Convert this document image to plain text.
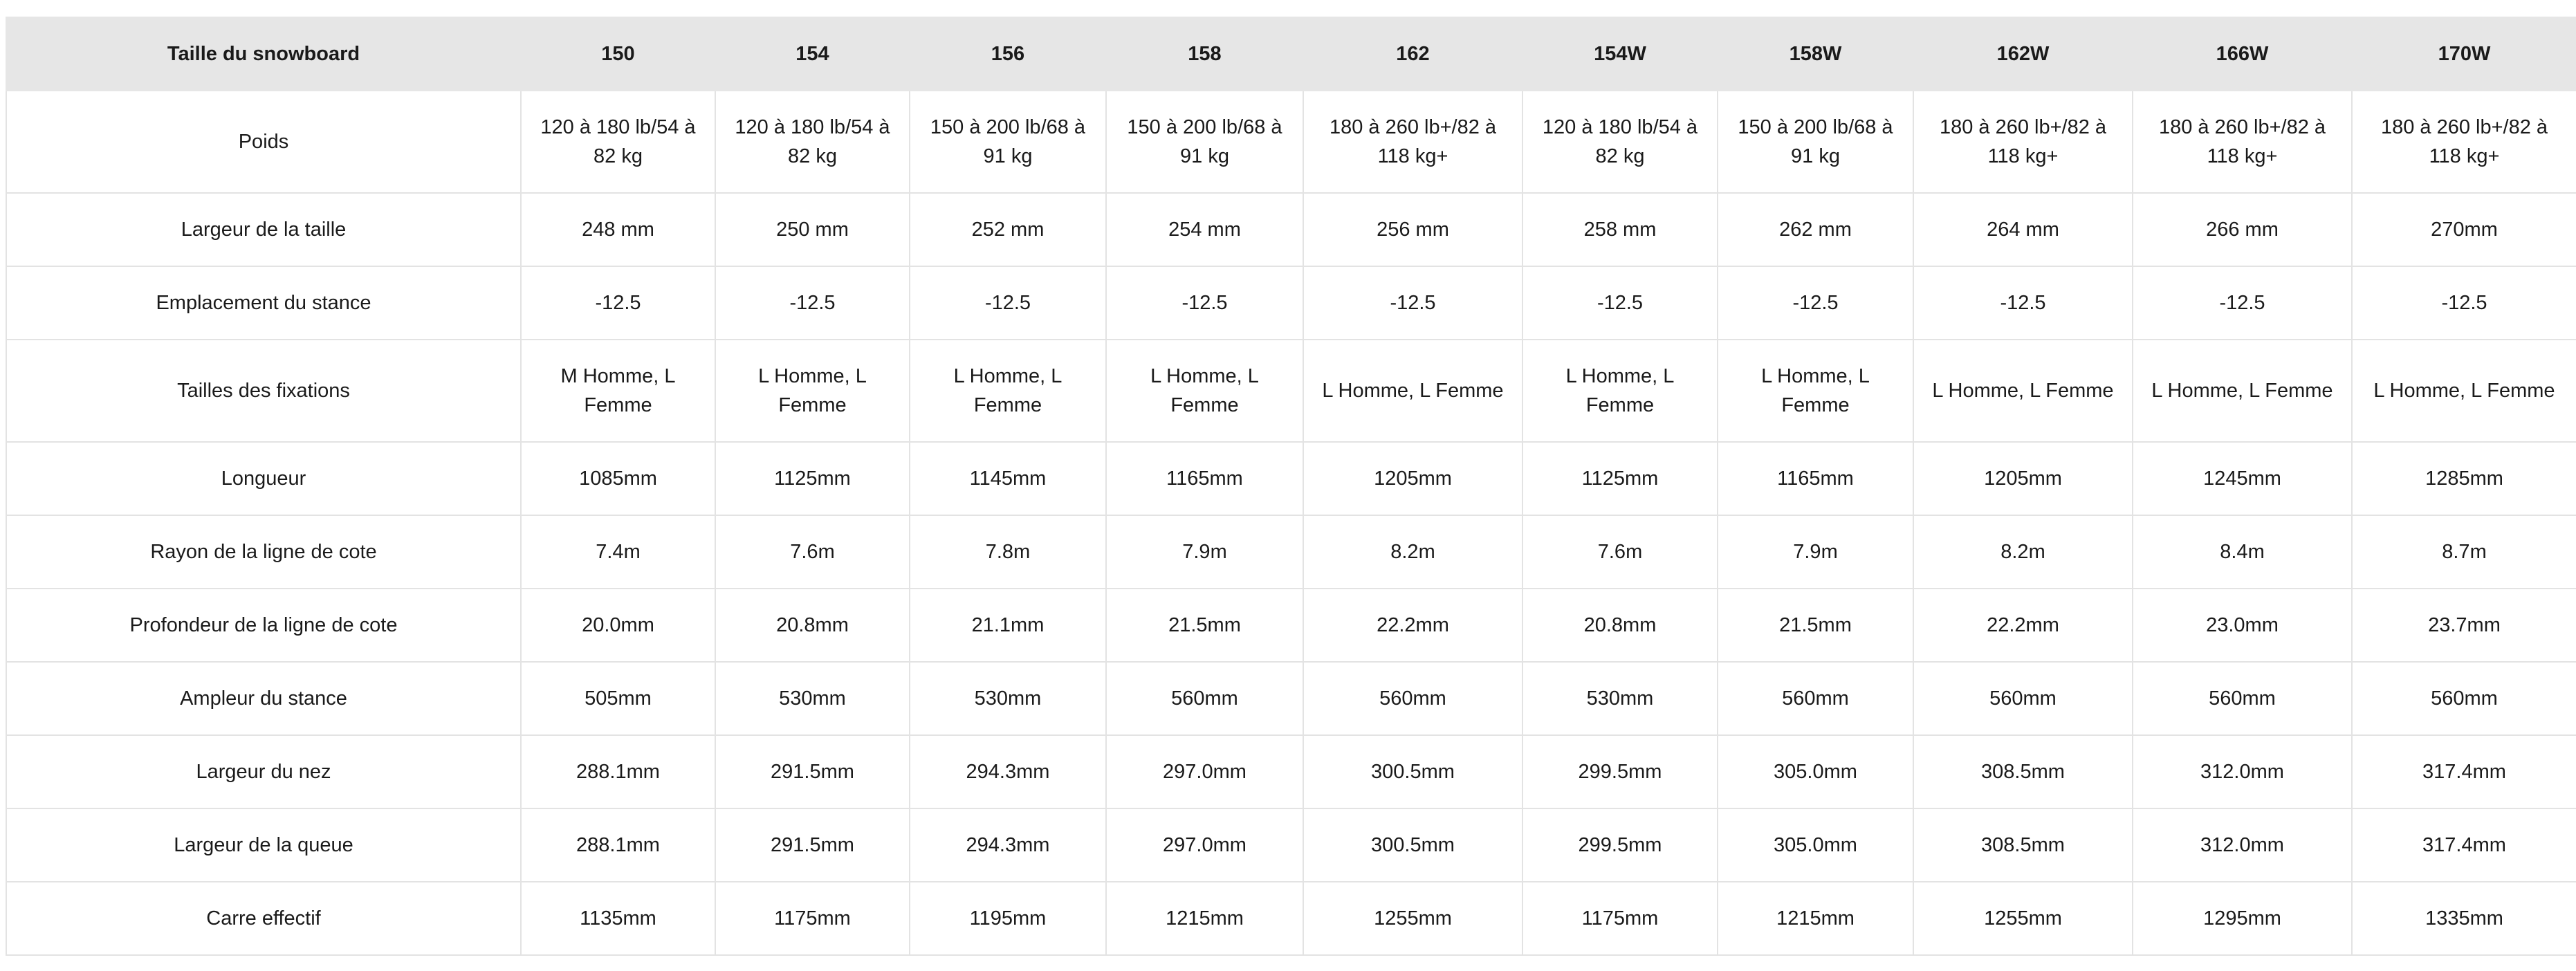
Taille du snowboard	150	154	156	158	162	154W	158W	162W	166W	170W
Poids	120 à 180 lb/54 à 82 kg	120 à 180 lb/54 à 82 kg	150 à 200 lb/68 à 91 kg	150 à 200 lb/68 à 91 kg	180 à 260 lb+/82 à 118 kg+	120 à 180 lb/54 à 82 kg	150 à 200 lb/68 à 91 kg	180 à 260 lb+/82 à 118 kg+	180 à 260 lb+/82 à 118 kg+	180 à 260 lb+/82 à 118 kg+
Largeur de la taille	248 mm	250 mm	252 mm	254 mm	256 mm	258 mm	262 mm	264 mm	266 mm	270mm
Emplacement du stance	-12.5	-12.5	-12.5	-12.5	-12.5	-12.5	-12.5	-12.5	-12.5	-12.5
Tailles des fixations	M Homme, L Femme	L Homme, L Femme	L Homme, L Femme	L Homme, L Femme	L Homme, L Femme	L Homme, L Femme	L Homme, L Femme	L Homme, L Femme	L Homme, L Femme	L Homme, L Femme
Longueur	1085mm	1125mm	1145mm	1165mm	1205mm	1125mm	1165mm	1205mm	1245mm	1285mm
Rayon de la ligne de cote	7.4m	7.6m	7.8m	7.9m	8.2m	7.6m	7.9m	8.2m	8.4m	8.7m
Profondeur de la ligne de cote	20.0mm	20.8mm	21.1mm	21.5mm	22.2mm	20.8mm	21.5mm	22.2mm	23.0mm	23.7mm
Ampleur du stance	505mm	530mm	530mm	560mm	560mm	530mm	560mm	560mm	560mm	560mm
Largeur du nez	288.1mm	291.5mm	294.3mm	297.0mm	300.5mm	299.5mm	305.0mm	308.5mm	312.0mm	317.4mm
Largeur de la queue	288.1mm	291.5mm	294.3mm	297.0mm	300.5mm	299.5mm	305.0mm	308.5mm	312.0mm	317.4mm
Carre effectif	1135mm	1175mm	1195mm	1215mm	1255mm	1175mm	1215mm	1255mm	1295mm	1335mm
